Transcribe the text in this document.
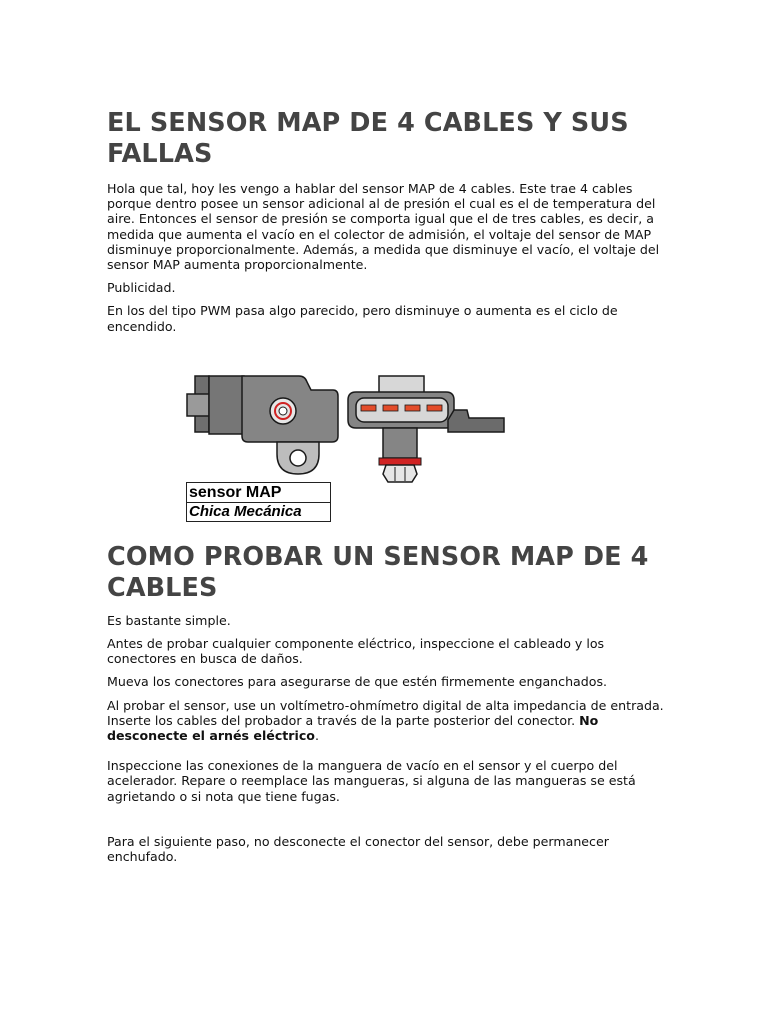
EL SENSOR MAP DE 4 CABLES Y SUS FALLAS

Hola que tal, hoy les vengo a hablar del sensor MAP de 4 cables. Este trae 4 cables porque dentro posee un sensor adicional al de presión el cual es el de temperatura del aire. Entonces el sensor de presión se comporta igual que el de tres cables, es decir, a medida que aumenta el vacío en el colector de admisión, el voltaje del sensor de MAP disminuye proporcionalmente. Además, a medida que disminuye el vacío, el voltaje del sensor MAP aumenta proporcionalmente.

Publicidad.

En los del tipo PWM pasa algo parecido, pero disminuye o aumenta es el ciclo de encendido.

sensor MAP
Chica Mecánica
COMO PROBAR UN SENSOR MAP DE 4 CABLES

Es bastante simple.

Antes de probar cualquier componente eléctrico, inspeccione el cableado y los conectores en busca de daños.

Mueva los conectores para asegurarse de que estén firmemente enganchados.

Al probar el sensor, use un voltímetro-ohmímetro digital de alta impedancia de entrada. Inserte los cables del probador a través de la parte posterior del conector. No desconecte el arnés eléctrico.

Inspeccione las conexiones de la manguera de vacío en el sensor y el cuerpo del acelerador. Repare o reemplace las mangueras, si alguna de las mangueras se está agrietando o si nota que tiene fugas.

Para el siguiente paso, no desconecte el conector del sensor, debe permanecer enchufado.
